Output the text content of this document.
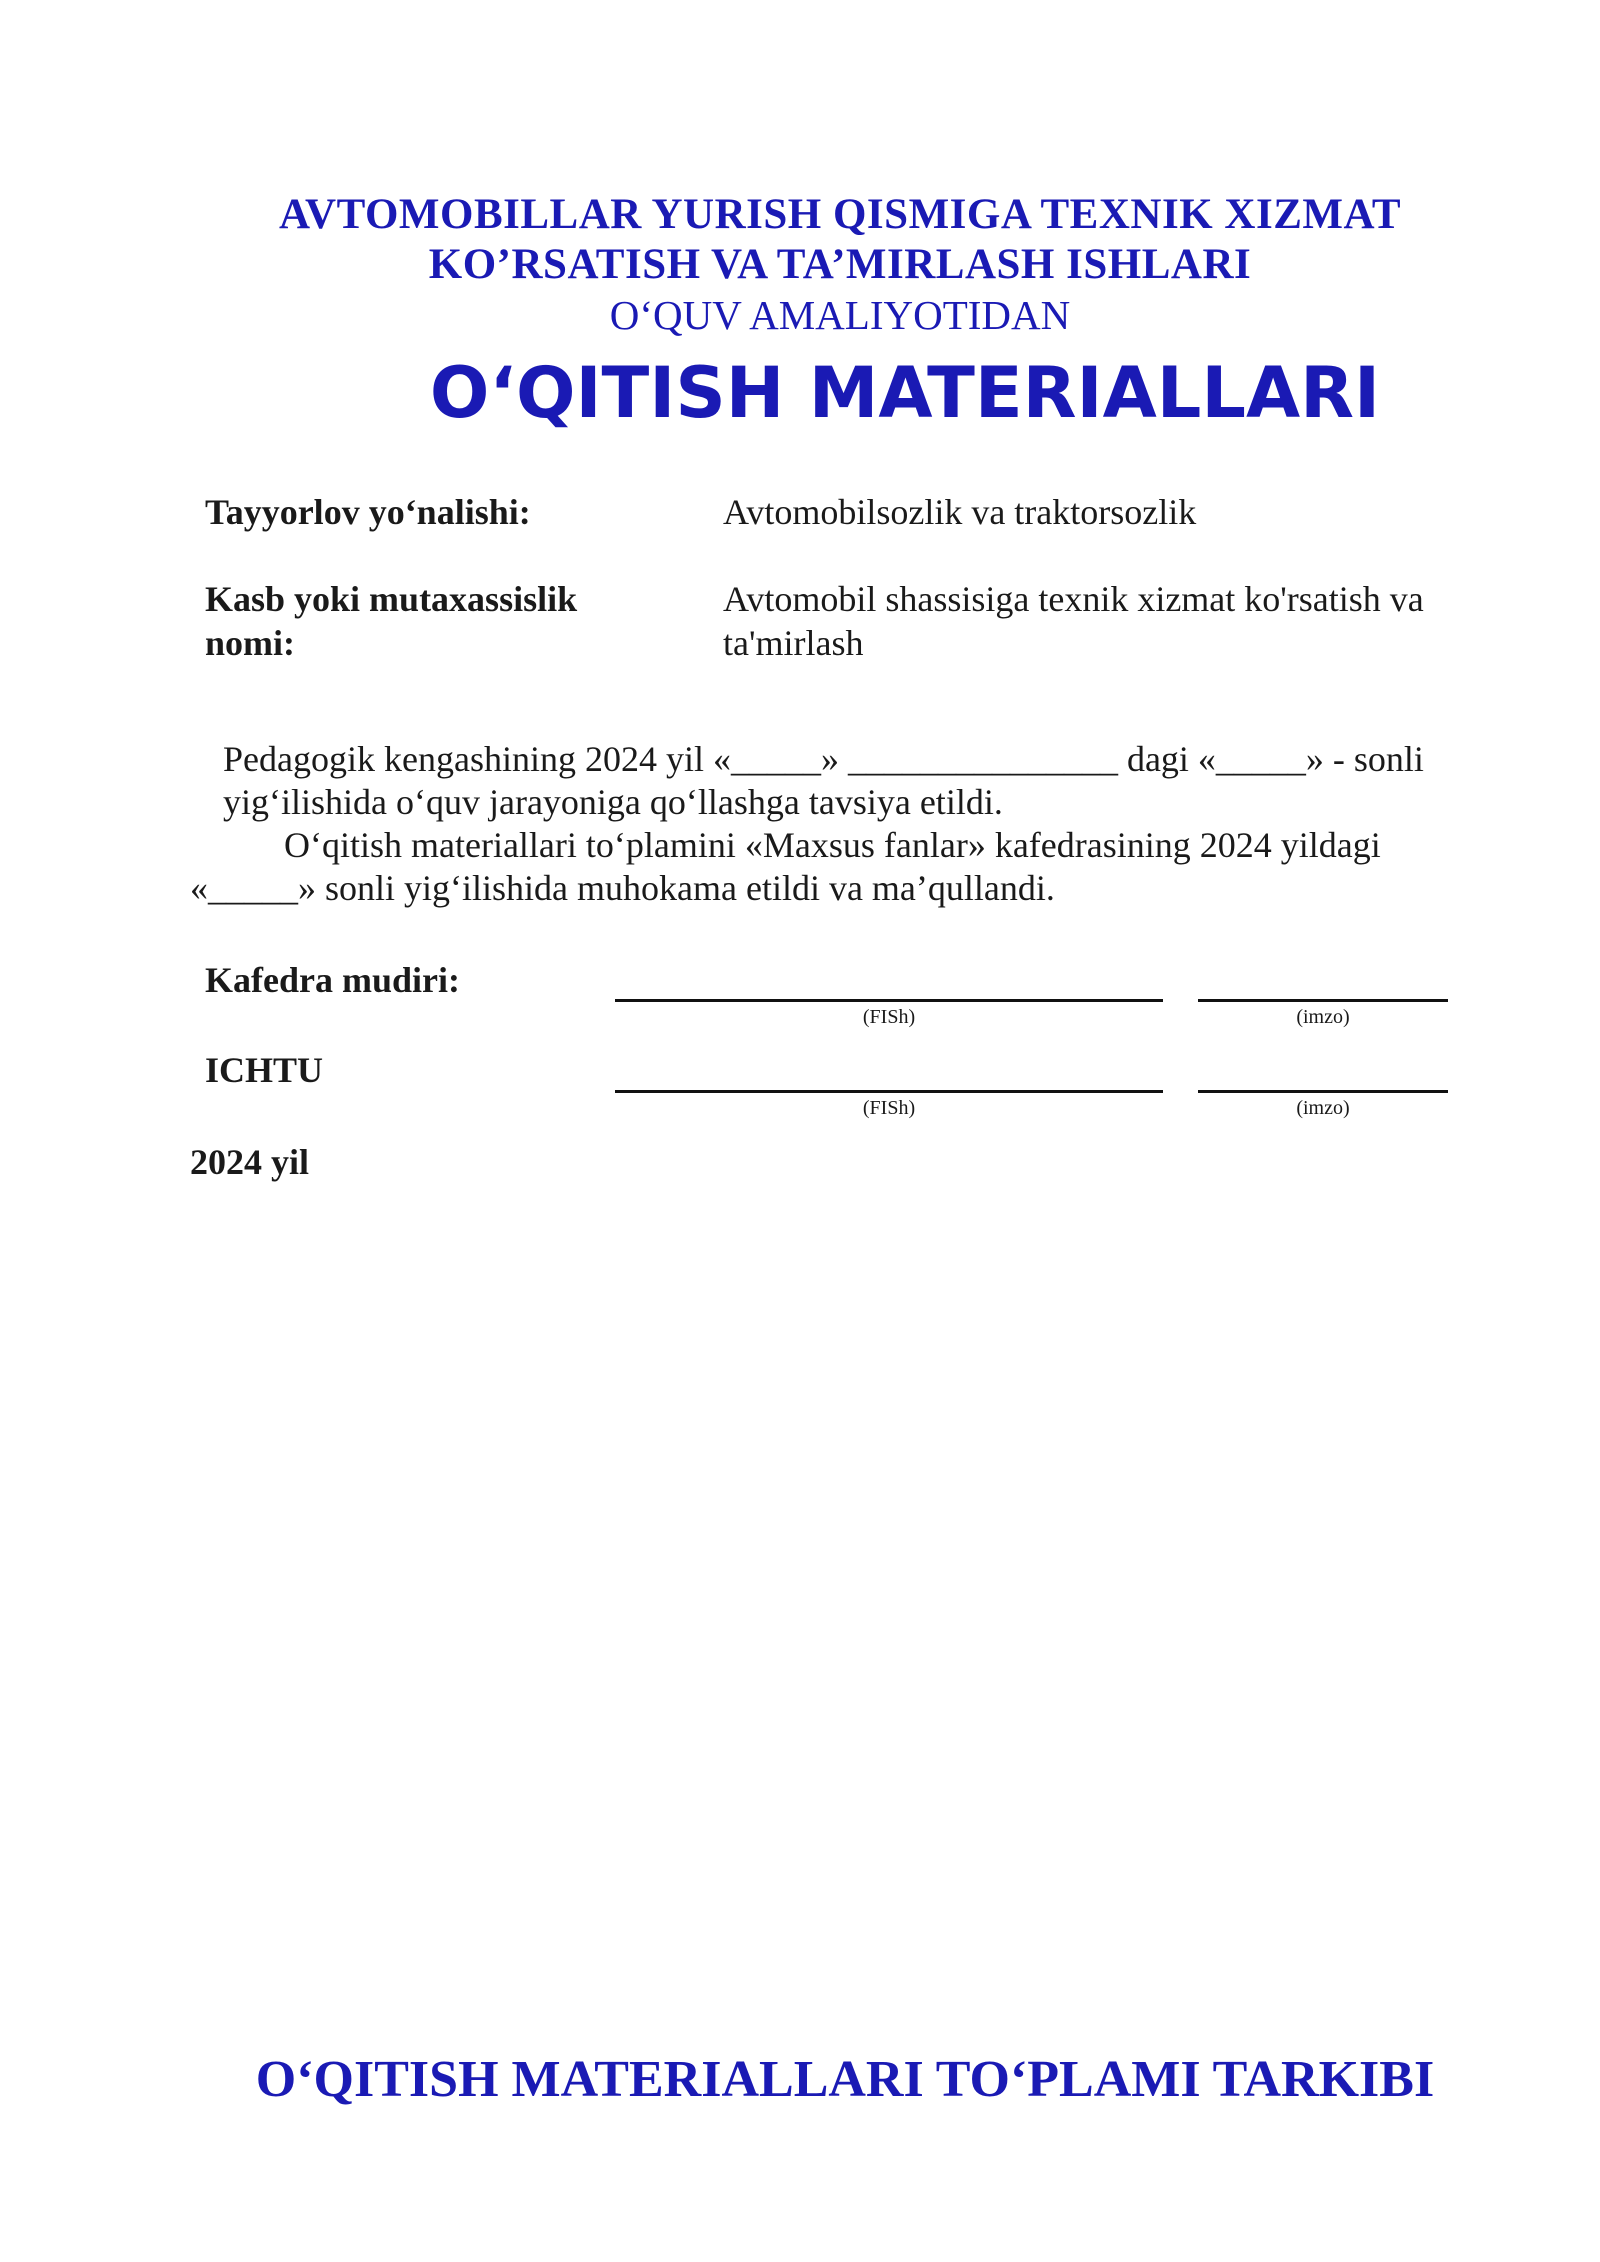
AVTOMOBILLAR YURISH QISMIGA TEXNIK XIZMAT
KO’RSATISH VA TA’MIRLASH ISHLARI
O‘QUV AMALIYOTIDAN
O‘QITISH MATERIALLARI
Tayyorlov yo‘nalishi:	Avtomobilsozlik va traktorsozlik
Kasb yoki mutaxassislik nomi:
Avtomobil shassisiga texnik xizmat ko'rsatish va ta'mirlash
Pedagogik kengashining 2024 yil «_____» _______________ dagi «_____» - sonli
yig‘ilishida o‘quv jarayoniga qo‘llashga tavsiya etildi.
O‘qitish materiallari to‘plamini «Maxsus fanlar» kafedrasining 2024 yildagi
«_____» sonli yig‘ilishida muhokama etildi va ma’qullandi.
Kafedra mudiri:
(FISh)	(imzo)
ICHTU
(FISh)	(imzo)
2024 yil
O‘QITISH MATERIALLARI TO‘PLAMI TARKIBI
